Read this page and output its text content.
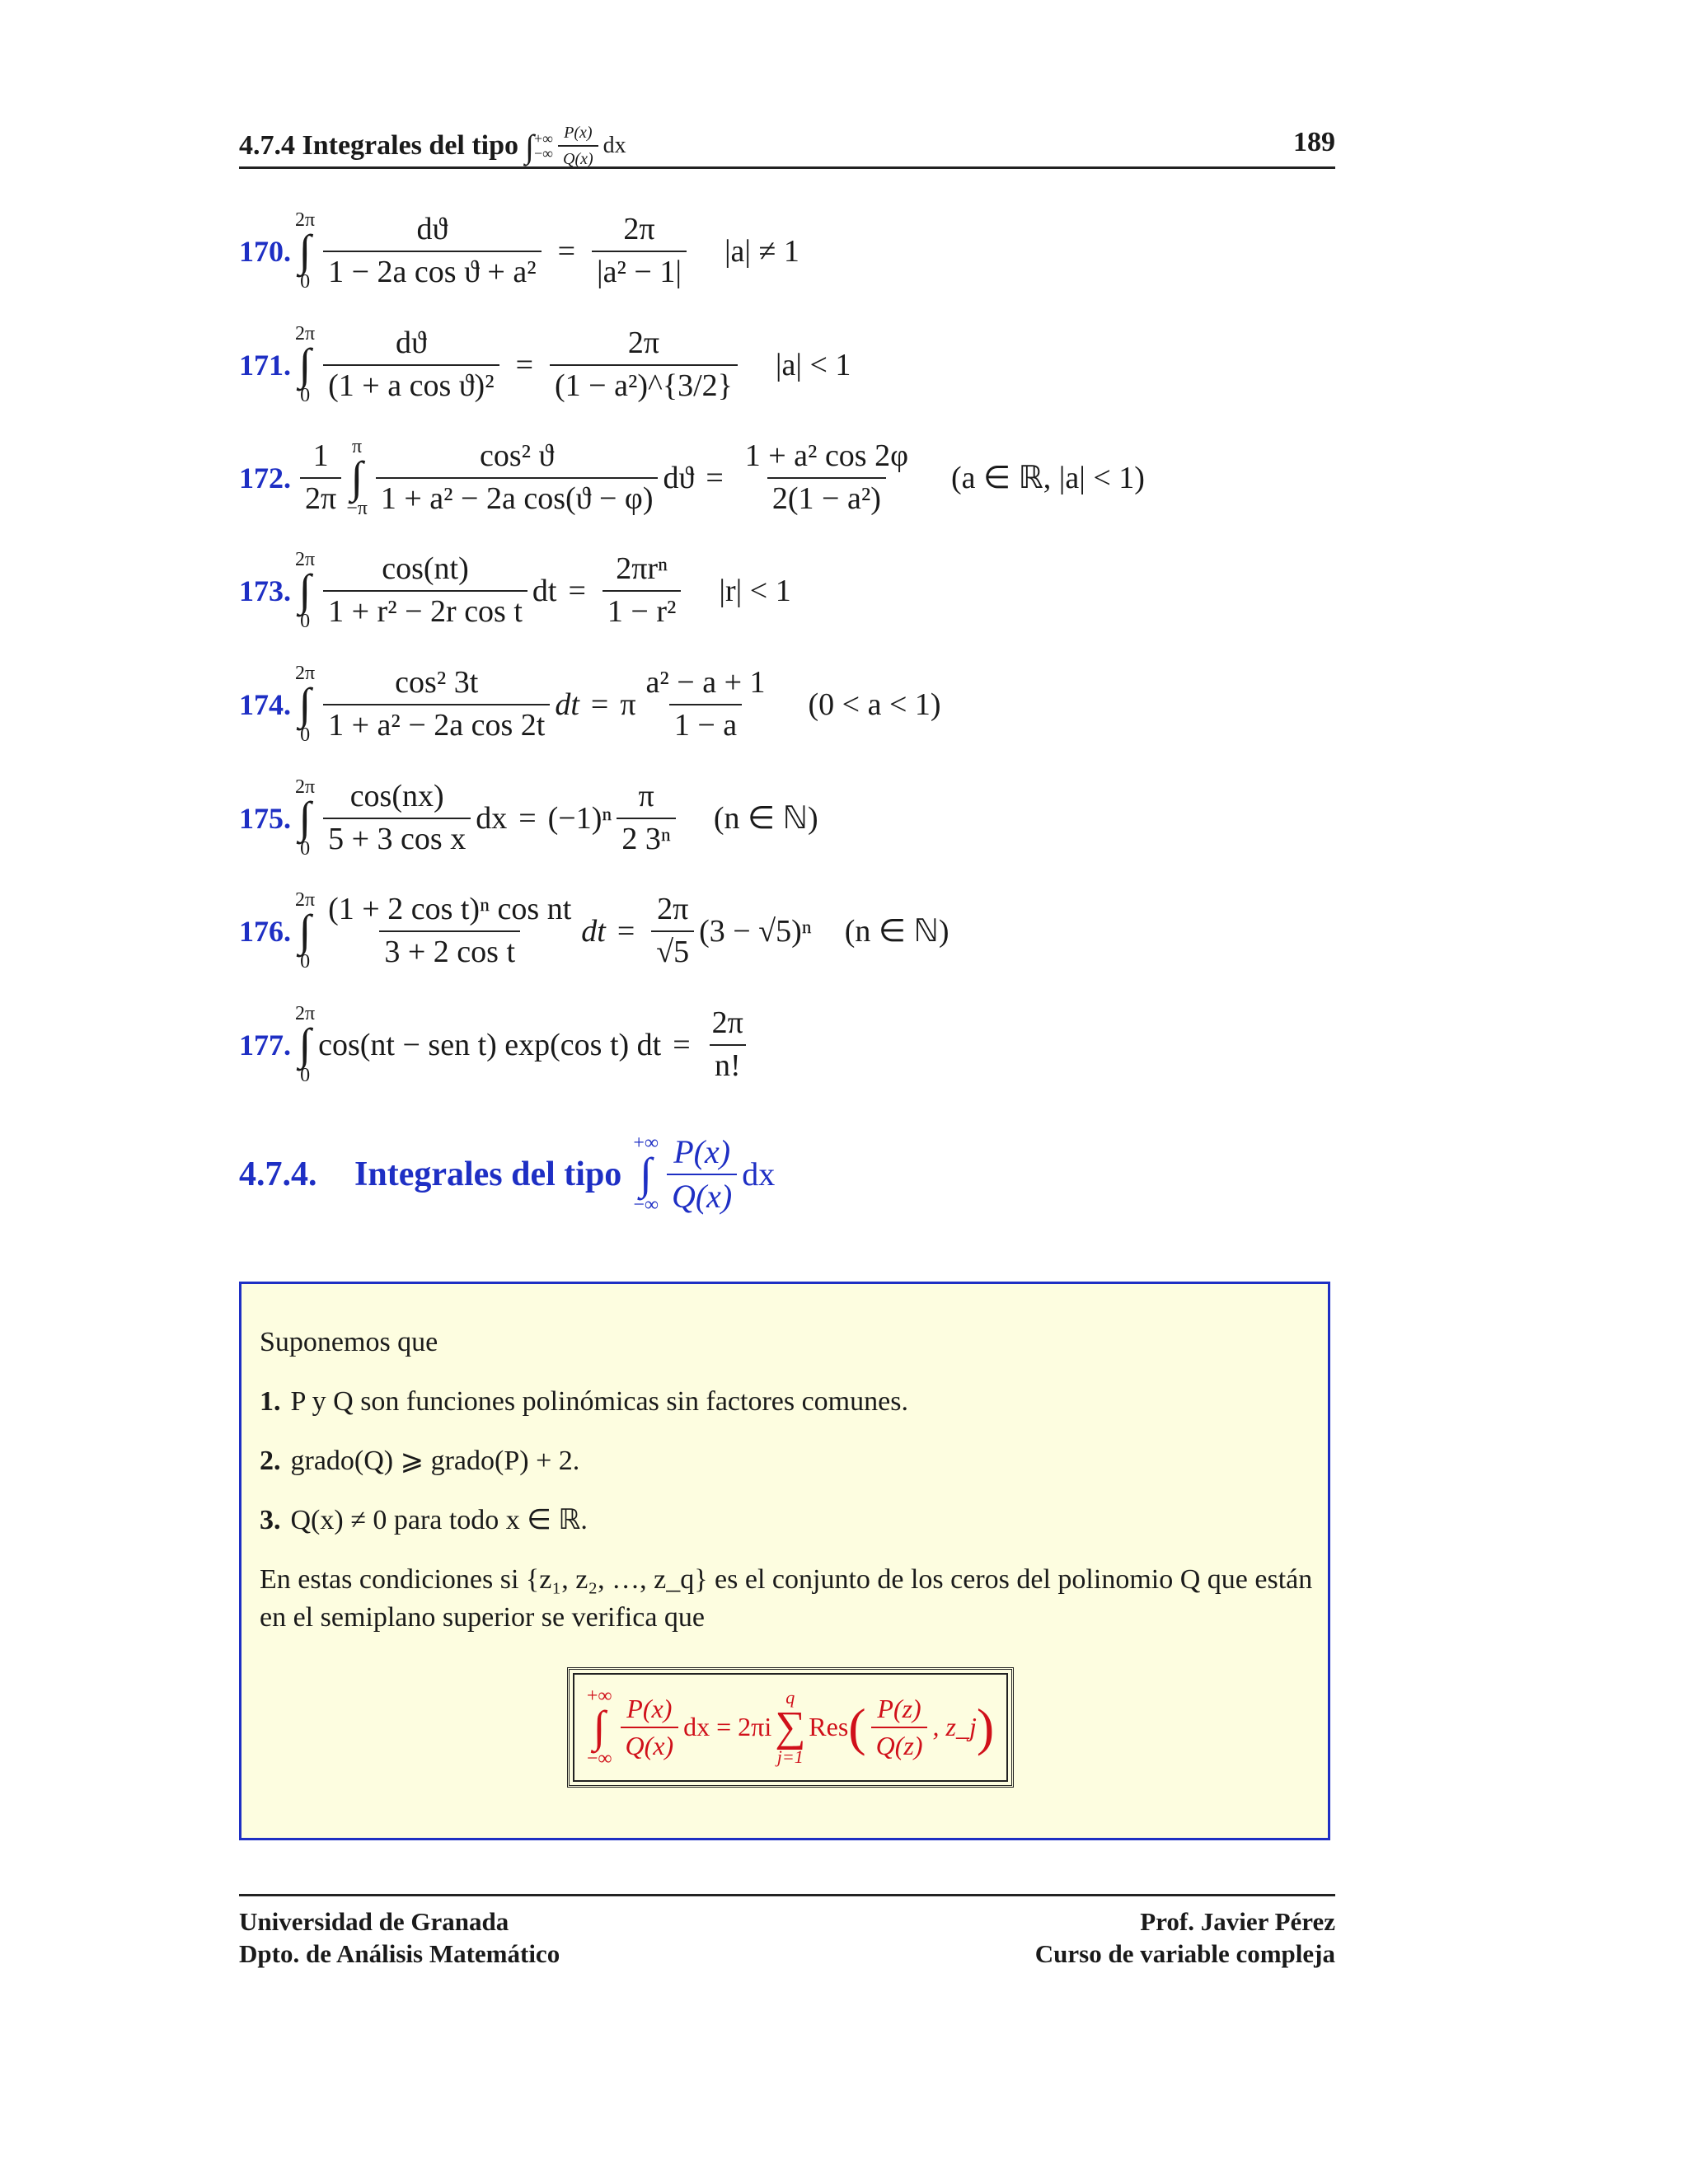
4.7.4 Integrales del tipo ∫ +∞
−∞ $\frac{P(x)}{Q(x)}$ dx	189
170.
2π
∫
$0 \frac{dϑ}{\text{1 − 2a cos ϑ + a²}} = \frac{2\pi}{\text{|a² − 1|}} |a| \ne 1$
171.
2π
∫
$0 \frac{dϑ}{\text{(1 + a cos ϑ)²}} = \frac{2\pi}{\text{(1 − a²)\textasciicircum{}\{3/2\}}} |a| < 1$
172. $\frac{1}{2\pi}$ π
∫
$-\pi \frac{\text{cos² ϑ}}{\text{1 + a² − 2a cos(ϑ − φ)}}$ $dϑ = \frac{\text{1 + a² cos 2φ}}{\text{2(1 − a²)}} (a$ ∈ ℝ, |a| < 1)
173.
2π
∫
$0 \frac{\cos(nt)}{\text{1 + r² − 2r cos t}}$ dt = $\frac{\text{2πrⁿ}}{\text{1 − r²}} |r| < 1$
174.
2π
∫
$0 \frac{\text{cos² 3t}}{\text{1 + a² − 2a cos 2t}}$ dt = π $\frac{\text{a² − a + 1}}{1 - a} (0 < a < 1)$
175.
2π
∫
$0 \frac{\cos(nx)}{\text{5 + 3 cos x}}$ dx = $(-1)^n \frac{\pi}{\text{2 3ⁿ}} (n$ ∈ ℕ)
176.
2π
∫
$0 \frac{\text{(1 + 2 cos t)ⁿ cos nt}}{\text{3 + 2 cos t}}$ dt = $\frac{2\pi}{√5} (3 - √5)^n$ (n ∈ ℕ)
177.
2π
∫
0
cos(nt − sen t) exp(cos t) dt = $\frac{2\pi}{n!}$
4.7.4.	Integrales del tipo
+∞
∫
−∞ $\frac{P(x)}{Q(x)}$ dx

Suponemos que

1. P y Q son funciones polinómicas sin factores comunes.

2. grado(Q) ⩾ grado(P) + 2.

3. Q(x) ≠ 0 para todo x ∈ ℝ.

En estas condiciones si {z₁, z₂, …, z_q} es el conjunto de los ceros del polinomio Q que están en el semiplano superior se verifica que

+∞
∫
−∞ $\frac{P(x)}{Q(x)}$ dx = 2πi
q
∑
j=1
Res ( $\frac{P(z)}{Q(z)}$ , z_j )
Universidad de Granada
Dpto. de Análisis Matemático
Prof. Javier Pérez
Curso de variable compleja
